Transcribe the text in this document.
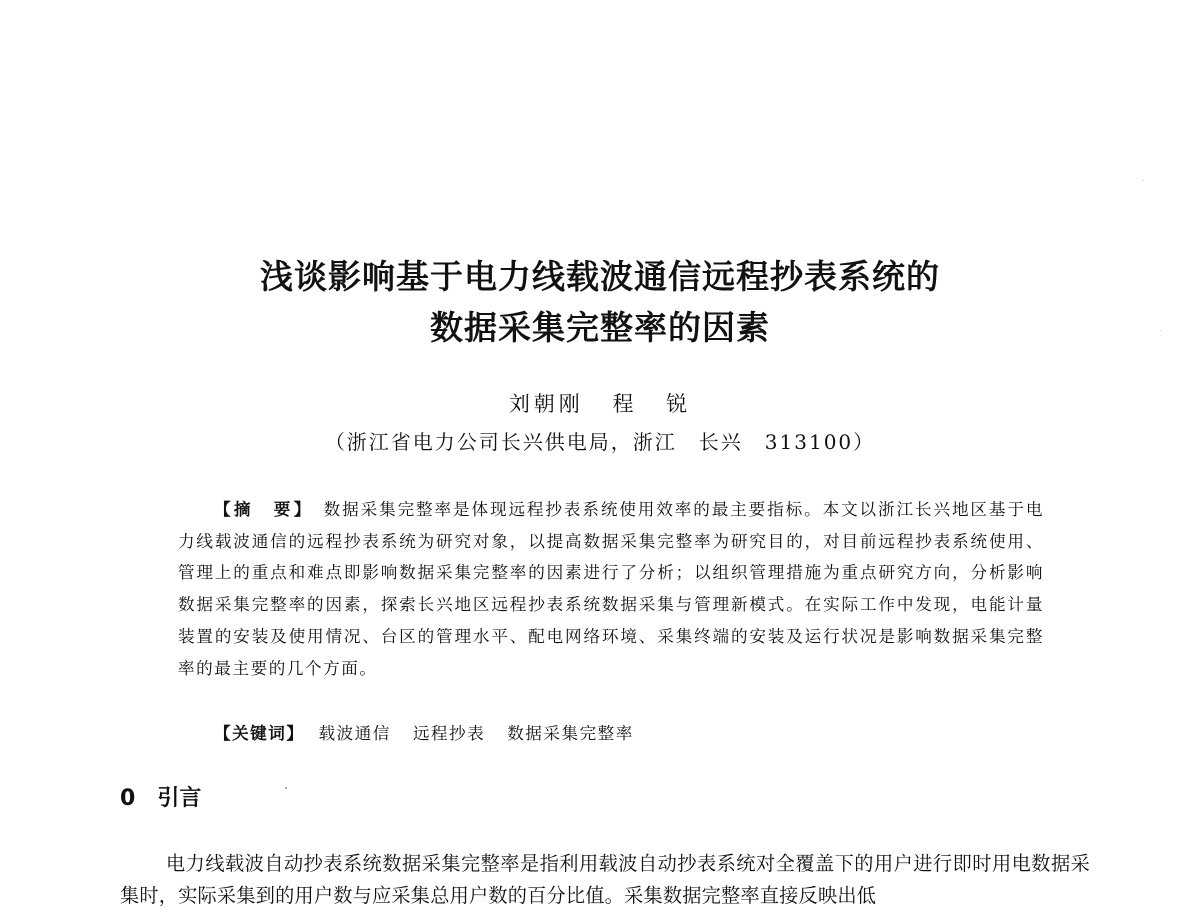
浅谈影响基于电力线载波通信远程抄表系统的
数据采集完整率的因素
刘朝刚 程 锐
（浙江省电力公司长兴供电局，浙江　长兴　313100）

【摘　要】 数据采集完整率是体现远程抄表系统使用效率的最主要指标。本文以浙江长兴地区基于电力线载波通信的远程抄表系统为研究对象，以提高数据采集完整率为研究目的，对目前远程抄表系统使用、管理上的重点和难点即影响数据采集完整率的因素进行了分析；以组织管理措施为重点研究方向，分析影响数据采集完整率的因素，探索长兴地区远程抄表系统数据采集与管理新模式。在实际工作中发现，电能计量装置的安装及使用情况、台区的管理水平、配电网络环境、采集终端的安装及运行状况是影响数据采集完整率的最主要的几个方面。

【关键词】 载波通信 远程抄表 数据采集完整率
0 引言

电力线载波自动抄表系统数据采集完整率是指利用载波自动抄表系统对全覆盖下的用户进行即时用电数据采集时，实际采集到的用户数与应采集总用户数的百分比值。采集数据完整率直接反映出低
